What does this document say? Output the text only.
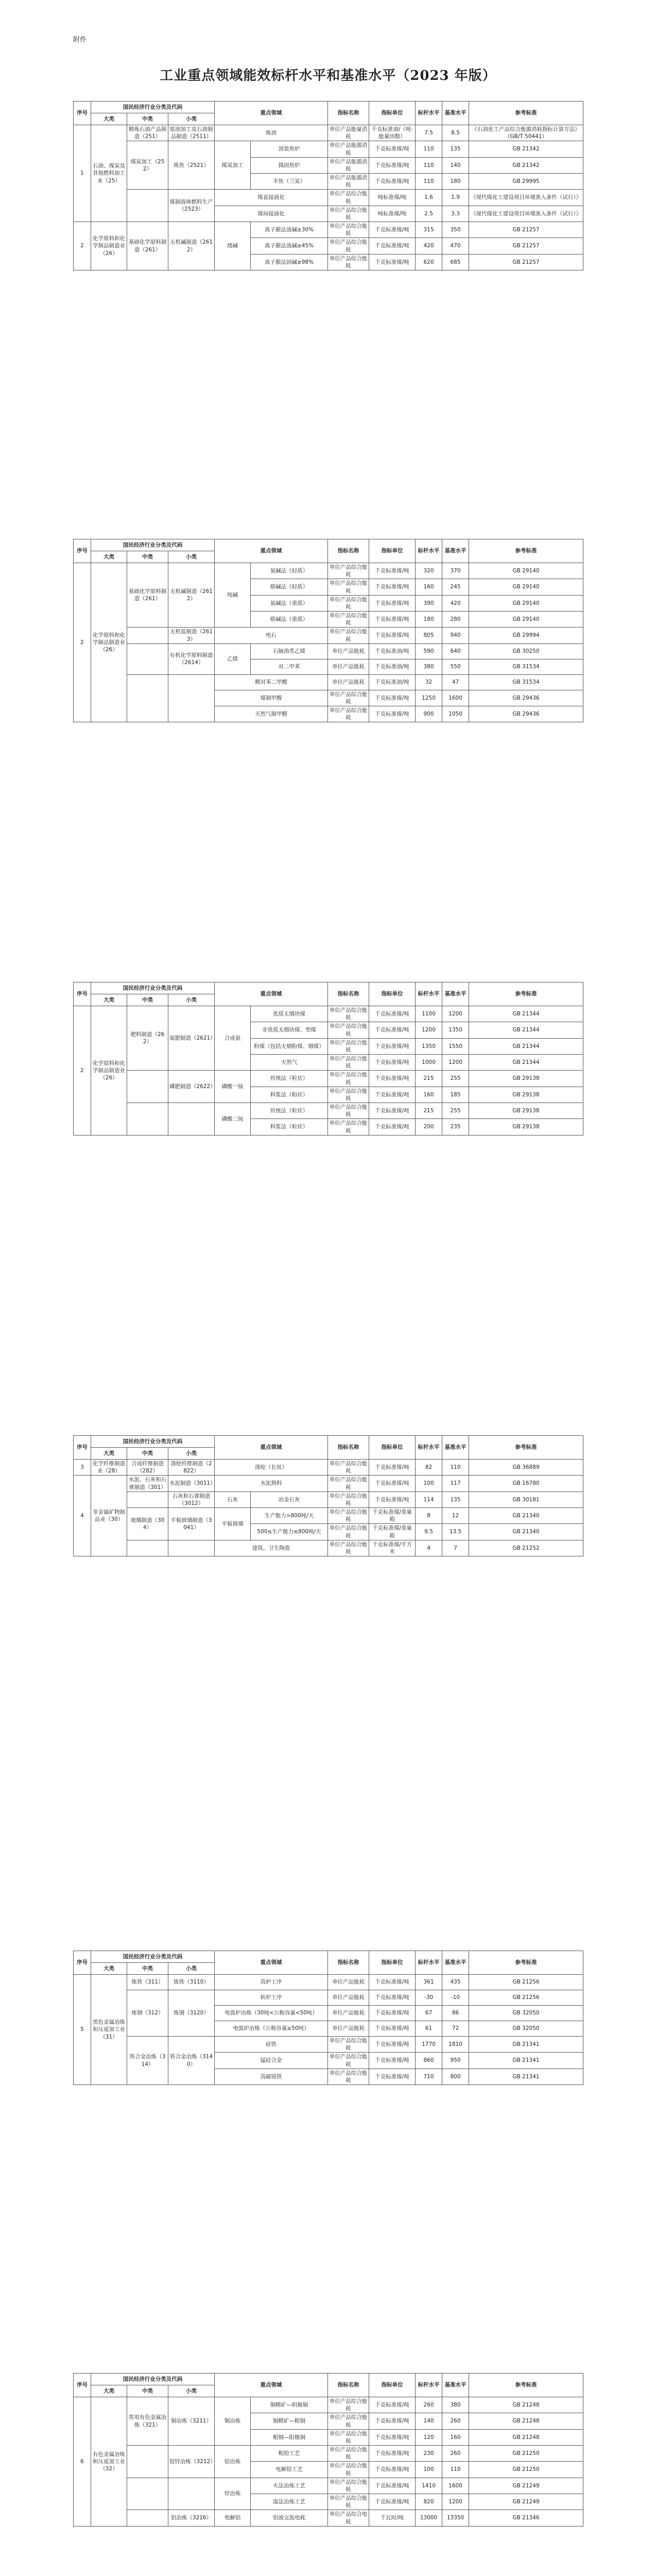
附件
工业重点领域能效标杆水平和基准水平（2023 年版）
序号	国民经济行业分类及代码			重点领域		指标名称	指标单位	标杆水平	基准水平	参考标准
	大类	中类	小类							
1	石油、煤炭及其他燃料加工业（25）	精炼石油产品制造（251）	原油加工及石油制品制造（2511）	炼油		单位产品能量消耗	千克标准油/（吨·能量因数）	7.5	8.5	《石油化工产品综合能源消耗指标计算方法》（GB/T 50441）
		煤炭加工（252）	炼焦（2521）	煤炭加工	顶装焦炉	单位产品能源消耗	千克标准煤/吨	110	135	GB 21342
					捣固焦炉	单位产品能源消耗	千克标准煤/吨	110	140	GB 21342
					半焦（兰炭）	单位产品能源消耗	千克标准煤/吨	110	180	GB 29995
			煤制液体燃料生产（2523）	煤直接液化		单位产品综合能耗	吨标准煤/吨	1.6	1.9	《现代煤化工建设项目环境准入条件（试行）》
				煤间接液化		单位产品综合能耗	吨标准煤/吨	2.5	3.3	《现代煤化工建设项目环境准入条件（试行）》
2	化学原料和化学制品制造业（26）	基础化学原料制造（261）	无机碱制造（2612）	烧碱	离子膜法液碱≥30%	单位产品综合能耗	千克标准煤/吨	315	350	GB 21257
					离子膜法液碱≥45%	单位产品综合能耗	千克标准煤/吨	420	470	GB 21257
					离子膜法固碱≥98%	单位产品综合能耗	千克标准煤/吨	620	685	GB 21257
序号	国民经济行业分类及代码			重点领域		指标名称	指标单位	标杆水平	基准水平	参考标准
	大类	中类	小类							
2	化学原料和化学制品制造业（26）	基础化学原料制造（261）	无机碱制造（2612）	纯碱	氨碱法（轻质）	单位产品综合能耗	千克标准煤/吨	320	370	GB 29140
					联碱法（轻质）	单位产品综合能耗	千克标准煤/吨	160	245	GB 29140
					氨碱法（重质）	单位产品综合能耗	千克标准煤/吨	390	420	GB 29140
					联碱法（重质）	单位产品综合能耗	千克标准煤/吨	180	280	GB 29140
			无机盐制造（2613）	电石		单位产品综合能耗	千克标准煤/吨	805	940	GB 29994
			有机化学原料制造（2614）	乙烯	石脑油类乙烯	单位产品能耗	千克标准油/吨	590	640	GB 30250
					对二甲苯	单位产品能耗	千克标准油/吨	380	550	GB 31534
				精对苯二甲酸		单位产品能耗	千克标准油/吨	32	47	GB 31534
				煤制甲醇		单位产品综合能耗	千克标准煤/吨	1250	1600	GB 29436
				天然气制甲醇		单位产品综合能耗	千克标准煤/吨	900	1050	GB 29436
序号	国民经济行业分类及代码			重点领域		指标名称	指标单位	标杆水平	基准水平	参考标准
	大类	中类	小类							
2	化学原料和化学制品制造业（26）	肥料制造（262）	氮肥制造（2621）	合成氨	优质无烟块煤	单位产品综合能耗	千克标准煤/吨	1100	1200	GB 21344
					非优质无烟块煤、型煤	单位产品综合能耗	千克标准煤/吨	1200	1350	GB 21344
					粉煤（包括无烟粉煤、烟煤）	单位产品综合能耗	千克标准煤/吨	1350	1550	GB 21344
					天然气	单位产品综合能耗	千克标准煤/吨	1000	1200	GB 21344
			磷肥制造（2622）	磷酸一铵	传统法（粒状）	单位产品综合能耗	千克标准煤/吨	215	255	GB 29138
					料浆法（粉状）	单位产品综合能耗	千克标准煤/吨	160	185	GB 29138
				磷酸二铵	传统法（粒状）	单位产品综合能耗	千克标准煤/吨	215	255	GB 29138
					料浆法（粒状）	单位产品综合能耗	千克标准煤/吨	200	235	GB 29138
序号	国民经济行业分类及代码			重点领域		指标名称	指标单位	标杆水平	基准水平	参考标准
	大类	中类	小类							
3	化学纤维制造业（28）	合成纤维制造（282）	涤纶纤维制造（2822）	涤纶（长丝）		单位产品综合能耗	千克标准煤/吨	82	110	GB 36889
4	非金属矿物制品业（30）	水泥、石灰和石膏制造（301）	水泥制造（3011）	水泥熟料		单位产品综合能耗	千克标准煤/吨	100	117	GB 16780
			石灰和石膏制造（3012）	石灰	冶金石灰	单位产品综合能耗	千克标准煤/吨	114	135	GB 30181
		玻璃制造（304）	平板玻璃制造（3041）	平板玻璃	生产能力>800吨/天	单位产品综合能耗	千克标准煤/重量箱	8	12	GB 21340
					500≤生产能力≤800吨/天	单位产品综合能耗	千克标准煤/重量箱	9.5	13.5	GB 21340
				建筑、卫生陶瓷		单位产品综合能耗	千克标准煤/平方米	4	7	GB 21252
序号	国民经济行业分类及代码			重点领域	指标名称	指标单位	标杆水平	基准水平	参考标准
	大类	中类	小类						
5	黑色金属冶炼和压延加工业（31）	炼铁（311）	炼铁（3110）	高炉工序	单位产品能耗	千克标准煤/吨	361	435	GB 21256
		炼钢（312）	炼钢（3120）	转炉工序	单位产品能耗	千克标准煤/吨	-30	-10	GB 21256
				电弧炉冶炼（30吨<公称容量<50吨）	单位产品能耗	千克标准煤/吨	67	86	GB 32050
				电弧炉冶炼（公称容量≥50吨）	单位产品能耗	千克标准煤/吨	61	72	GB 32050
		铁合金冶炼（314）	铁合金冶炼（3140）	硅铁	单位产品综合能耗	千克标准煤/吨	1770	1810	GB 21341
				锰硅合金	单位产品综合能耗	千克标准煤/吨	860	950	GB 21341
				高碳铬铁	单位产品综合能耗	千克标准煤/吨	710	800	GB 21341
序号	国民经济行业分类及代码			重点领域		指标名称	指标单位	标杆水平	基准水平	参考标准
	大类	中类	小类							
6	有色金属冶炼和压延加工业（32）	常用有色金属冶炼（321）	铜冶炼（3211）	铜冶炼	铜精矿—阴极铜	单位产品综合能耗	千克标准煤/吨	260	380	GB 21248
					铜精矿—粗铜	单位产品综合能耗	千克标准煤/吨	140	260	GB 21248
					粗铜—阳极铜	单位产品综合能耗	千克标准煤/吨	120	160	GB 21248
			铅锌冶炼（3212）	铅冶炼	粗铅工艺	单位产品综合能耗	千克标准煤/吨	230	260	GB 21250
					电解铅工艺	单位产品综合能耗	千克标准煤/吨	100	110	GB 21250
				锌冶炼	火法冶炼工艺	单位产品综合能耗	千克标准煤/吨	1410	1600	GB 21249
					湿法冶炼工艺	单位产品综合能耗	千克标准煤/吨	820	1200	GB 21249
			铝冶炼（3216）	电解铝	铝液交流电耗	单位产品综合电耗	千瓦时/吨	13000	13350	GB 21346
